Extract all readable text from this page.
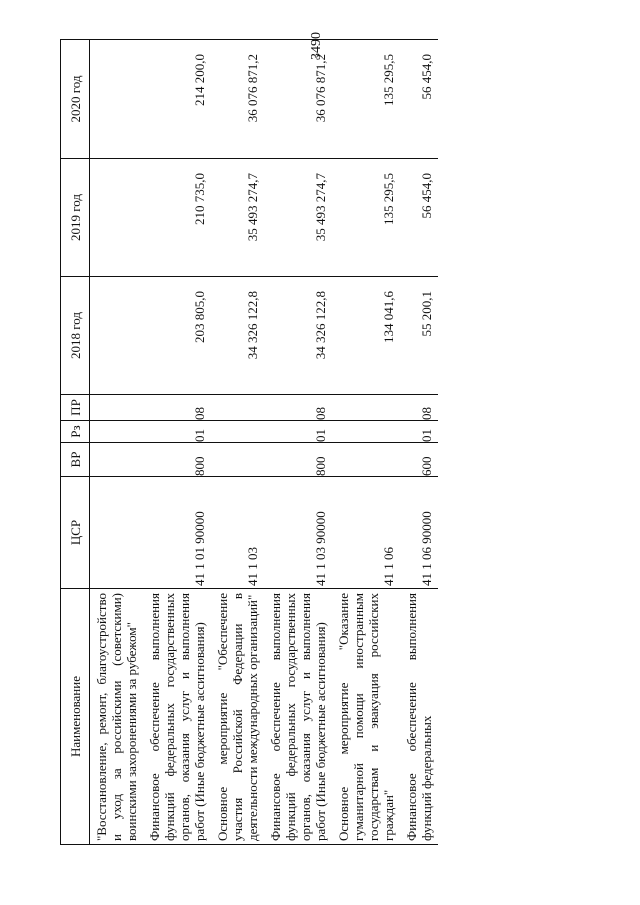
3490
Наименование	ЦСР	ВР	Рз	ПР	2018 год	2019 год	2020 год
"Восстановление, ремонт, благоустройство и уход за российскими (советскими) воинскими захоронениями за рубежом"							
Финансовое обеспечение выполнения функций федеральных государственных органов, оказания услуг и выполнения работ (Иные бюджетные ассигнования)	41 1 01 90000	800	01	08	203 805,0	210 735,0	214 200,0
Основное мероприятие "Обеспечение участия Российской Федерации в деятельности международных организаций"	41 1 03				34 326 122,8	35 493 274,7	36 076 871,2
Финансовое обеспечение выполнения функций федеральных государственных органов, оказания услуг и выполнения работ (Иные бюджетные ассигнования)	41 1 03 90000	800	01	08	34 326 122,8	35 493 274,7	36 076 871,2
Основное мероприятие "Оказание гуманитарной помощи иностранным государствам и эвакуация российских граждан"	41 1 06				134 041,6	135 295,5	135 295,5
Финансовое обеспечение выполнения функций федеральных	41 1 06 90000	600	01	08	55 200,1	56 454,0	56 454,0
